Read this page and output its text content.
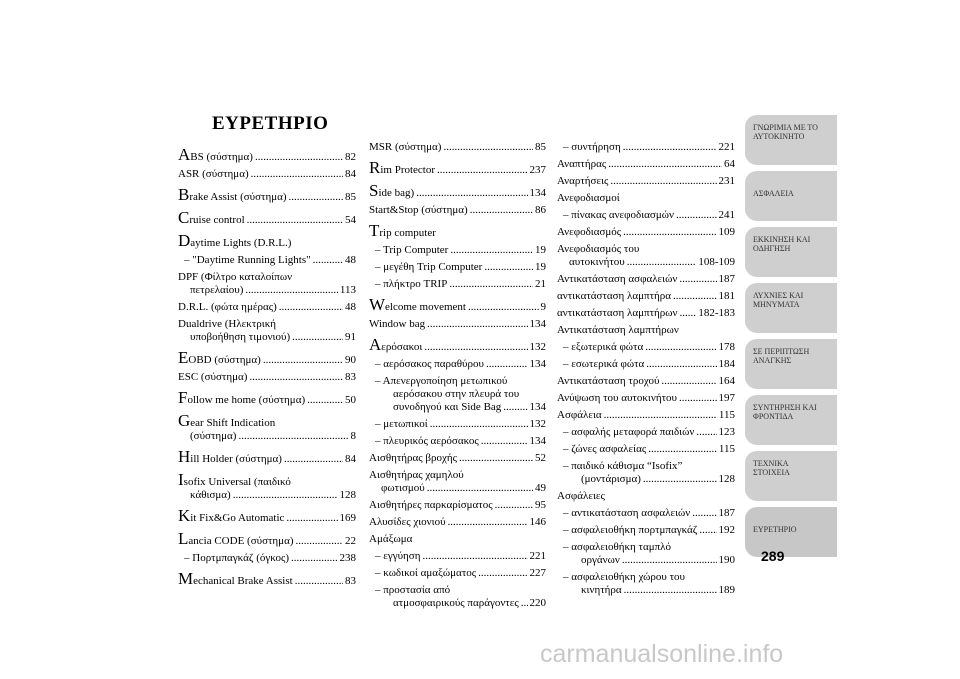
ΕΥΡΕΤΗΡΙΟ
ABS (σύστημα) .....	82
ASR (σύστημα) .....	84
Brake Assist (σύστημα) .....	85
Cruise control .....	54
Daytime Lights (D.R.L.)
– "Daytime Running Lights" .....	48
DPF (Φίλτρο καταλοίπων
πετρελαίου) .....	113
D.R.L. (φώτα ημέρας) .....	48
Dualdrive (Ηλεκτρική
υποβοήθηση τιμονιού) .....	91
EOBD (σύστημα) .....	90
ESC (σύστημα) .....	83
Follow me home (σύστημα) .....	50
Gear Shift Indication
(σύστημα) .....	8
Hill Holder (σύστημα) .....	84
Isofix Universal (παιδικό
κάθισμα) .....	128
Kit Fix&Go Automatic .....	169
Lancia CODE (σύστημα) .....	22
– Πορτμπαγκάζ (όγκος) .....	238
Mechanical Brake Assist .....	83
MSR (σύστημα) .....	85
Rim Protector .....	237
Side bag) .....	134
Start&Stop (σύστημα) .....	86
Trip computer
– Trip Computer .....	19
– μεγέθη Trip Computer .....	19
– πλήκτρο TRIP .....	21
Welcome movement .....	9
Window bag .....	134
Aερόσακοι .....	132
– αερόσακος παραθύρου .....	134
– Απενεργοποίηση μετωπικού
αερόσακου στην πλευρά του
συνοδηγού και Side Bag .....	134
– μετωπικοί .....	132
– πλευρικός αερόσακος .....	134
Αισθητήρας βροχής .....	52
Αισθητήρας χαμηλού
φωτισμού .....	49
Αισθητήρες παρκαρίσματος .....	95
Αλυσίδες χιονιού .....	146
Αμάξωμα
– εγγύηση .....	221
– κωδικοί αμαξώματος .....	227
– προστασία από
ατμοσφαιρικούς παράγοντες ..... 220
– συντήρηση .....	221
Αναπτήρας .....	64
Αναρτήσεις .....	231
Ανεφοδιασμοί
– πίνακας ανεφοδιασμών .....	241
Ανεφοδιασμός .....	109
Ανεφοδιασμός του
αυτοκινήτου .....	108-109
Αντικατάσταση ασφαλειών .....	187
αντικατάσταση λαμπτήρα .....	181
αντικατάσταση λαμπτήρων ..... 182-183
Αντικατάσταση λαμπτήρων
– εξωτερικά φώτα .....	178
– εσωτερικά φώτα .....	184
Αντικατάσταση τροχού .....	164
Ανύψωση του αυτοκινήτου .....	197
Ασφάλεια .....	115
– ασφαλής μεταφορά παιδιών ..... 123
– ζώνες ασφαλείας .....	115
– παιδικό κάθισμα “Isofix”
(μοντάρισμα) .....	128
Ασφάλειες
– αντικατάσταση ασφαλειών .....	187
– ασφαλειοθήκη πορτμπαγκάζ ..... 192
– ασφαλειοθήκη ταμπλό
οργάνων .....	190
– ασφαλειοθήκη χώρου του
κινητήρα .....	189
ΓΝΩΡΙΜΙΑ ΜΕ ΤΟ
ΑΥΤΟΚΙΝΗΤΟ
ΑΣΦΑΛΕΙΑ
ΕΚΚΙΝΗΣΗ ΚΑΙ
ΟΔΗΓΗΣΗ
ΛΥΧΝΙΕΣ ΚΑΙ
ΜΗΝΥΜΑΤΑ
ΣΕ ΠΕΡΙΠΤΩΣΗ
ΑΝΑΓΚΗΣ
ΣΥΝΤΗΡΗΣΗ ΚΑΙ
ΦΡΟΝΤΙΔΑ
ΤΕΧΝΙΚΑ
ΣΤΟΙΧΕΙΑ
ΕΥΡΕΤΗΡΙΟ
289
carmanualsonline.info
